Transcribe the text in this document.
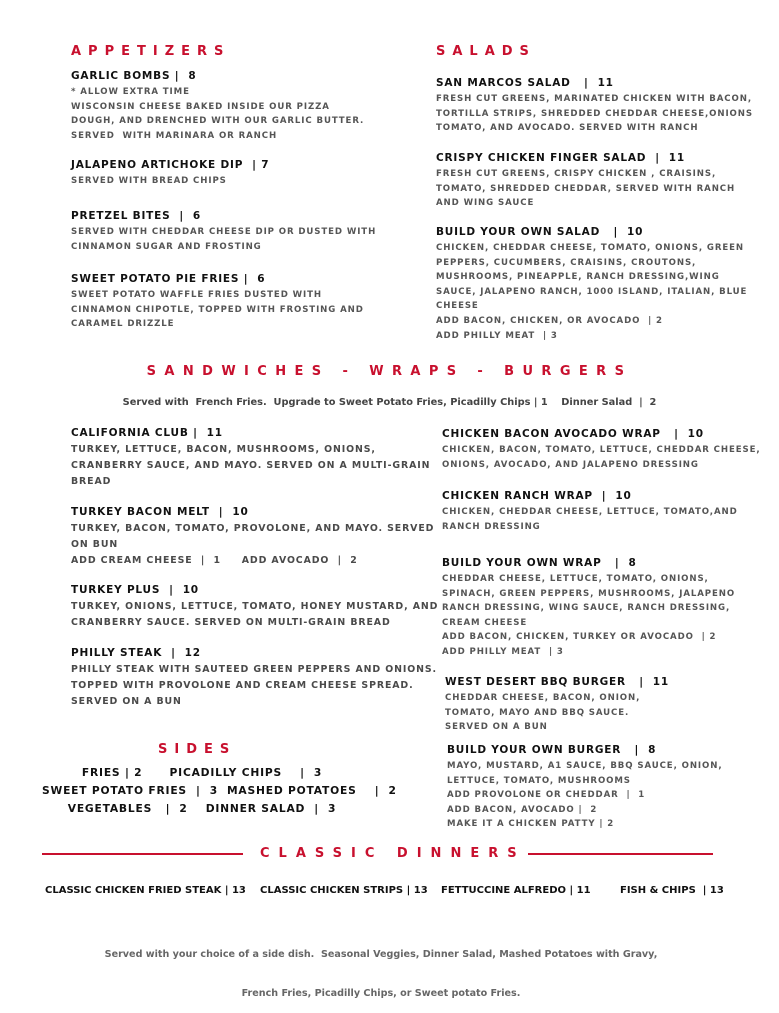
APPETIZERS
GARLIC BOMBS |  8
* ALLOW EXTRA TIME
WISCONSIN CHEESE BAKED INSIDE OUR PIZZA
DOUGH, AND DRENCHED WITH OUR GARLIC BUTTER.
SERVED  WITH MARINARA OR RANCH
JALAPENO ARTICHOKE DIP  | 7
SERVED WITH BREAD CHIPS
PRETZEL BITES  |  6
SERVED WITH CHEDDAR CHEESE DIP OR DUSTED WITH
CINNAMON SUGAR AND FROSTING
SWEET POTATO PIE FRIES |  6
SWEET POTATO WAFFLE FRIES DUSTED WITH
CINNAMON CHIPOTLE, TOPPED WITH FROSTING AND
CARAMEL DRIZZLE
SALADS
SAN MARCOS SALAD   |  11
FRESH CUT GREENS, MARINATED CHICKEN WITH BACON,
TORTILLA STRIPS, SHREDDED CHEDDAR CHEESE,ONIONS
TOMATO, AND AVOCADO. SERVED WITH RANCH
CRISPY CHICKEN FINGER SALAD  |  11
FRESH CUT GREENS, CRISPY CHICKEN , CRAISINS,
TOMATO, SHREDDED CHEDDAR, SERVED WITH RANCH
AND WING SAUCE
BUILD YOUR OWN SALAD   |  10
CHICKEN, CHEDDAR CHEESE, TOMATO, ONIONS, GREEN
PEPPERS, CUCUMBERS, CRAISINS, CROUTONS,
MUSHROOMS, PINEAPPLE, RANCH DRESSING,WING
SAUCE, JALAPENO RANCH, 1000 ISLAND, ITALIAN, BLUE
CHEESE
ADD BACON, CHICKEN, OR AVOCADO  | 2
ADD PHILLY MEAT  | 3
SANDWICHES - WRAPS - BURGERS
Served with  French Fries.  Upgrade to Sweet Potato Fries, Picadilly Chips | 1    Dinner Salad  |  2
CALIFORNIA CLUB |  11
TURKEY, LETTUCE, BACON, MUSHROOMS, ONIONS,
CRANBERRY SAUCE, AND MAYO. SERVED ON A MULTI-GRAIN
BREAD
TURKEY BACON MELT  |  10
TURKEY, BACON, TOMATO, PROVOLONE, AND MAYO. SERVED
ON BUN
ADD CREAM CHEESE  |  1     ADD AVOCADO  |  2
TURKEY PLUS  |  10
TURKEY, ONIONS, LETTUCE, TOMATO, HONEY MUSTARD, AND
CRANBERRY SAUCE. SERVED ON MULTI-GRAIN BREAD
PHILLY STEAK  |  12
PHILLY STEAK WITH SAUTEED GREEN PEPPERS AND ONIONS.
TOPPED WITH PROVOLONE AND CREAM CHEESE SPREAD.
SERVED ON A BUN
CHICKEN BACON AVOCADO WRAP   |  10
CHICKEN, BACON, TOMATO, LETTUCE, CHEDDAR CHEESE,
ONIONS, AVOCADO, AND JALAPENO DRESSING
CHICKEN RANCH WRAP  |  10
CHICKEN, CHEDDAR CHEESE, LETTUCE, TOMATO,AND
RANCH DRESSING
BUILD YOUR OWN WRAP   |  8
CHEDDAR CHEESE, LETTUCE, TOMATO, ONIONS,
SPINACH, GREEN PEPPERS, MUSHROOMS, JALAPENO
RANCH DRESSING, WING SAUCE, RANCH DRESSING,
CREAM CHEESE
ADD BACON, CHICKEN, TURKEY OR AVOCADO  | 2
ADD PHILLY MEAT  | 3
WEST DESERT BBQ BURGER   |  11
CHEDDAR CHEESE, BACON, ONION,
TOMATO, MAYO AND BBQ SAUCE.
SERVED ON A BUN
BUILD YOUR OWN BURGER   |  8
MAYO, MUSTARD, A1 SAUCE, BBQ SAUCE, ONION,
LETTUCE, TOMATO, MUSHROOMS
ADD PROVOLONE OR CHEDDAR  |  1
ADD BACON, AVOCADO |  2
MAKE IT A CHICKEN PATTY | 2
SIDES
FRIES | 2      PICADILLY CHIPS    |  3
SWEET POTATO FRIES  |  3  MASHED POTATOES    |  2
VEGETABLES   |  2    DINNER SALAD  |  3
CLASSIC DINNERS
CLASSIC CHICKEN FRIED STEAK | 13 CLASSIC CHICKEN STRIPS | 13 FETTUCCINE ALFREDO | 11	FISH & CHIPS  | 13

Served with your choice of a side dish.  Seasonal Veggies, Dinner Salad, Mashed Potatoes with Gravy,

French Fries, Picadilly Chips, or Sweet potato Fries.
